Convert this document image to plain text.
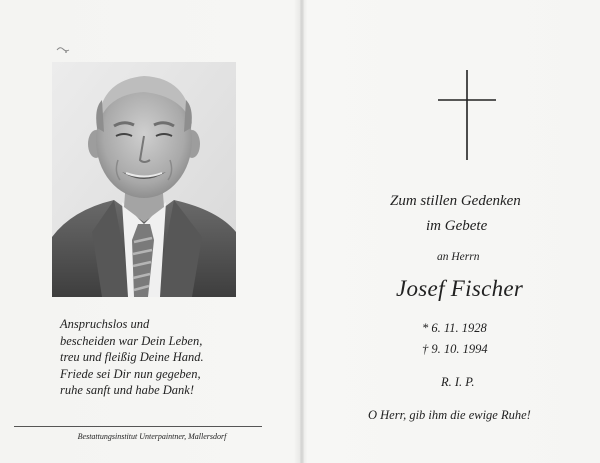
Anspruchslos und
bescheiden war Dein Leben,
treu und fleißig Deine Hand.
Friede sei Dir nun gegeben,
ruhe sanft und habe Dank!
Bestattungsinstitut Unterpaintner, Mallersdorf
Zum stillen Gedenken
im Gebete
an Herrn
Josef Fischer
* 6. 11. 1928
† 9. 10. 1994
R. I. P.
O Herr, gib ihm die ewige Ruhe!
